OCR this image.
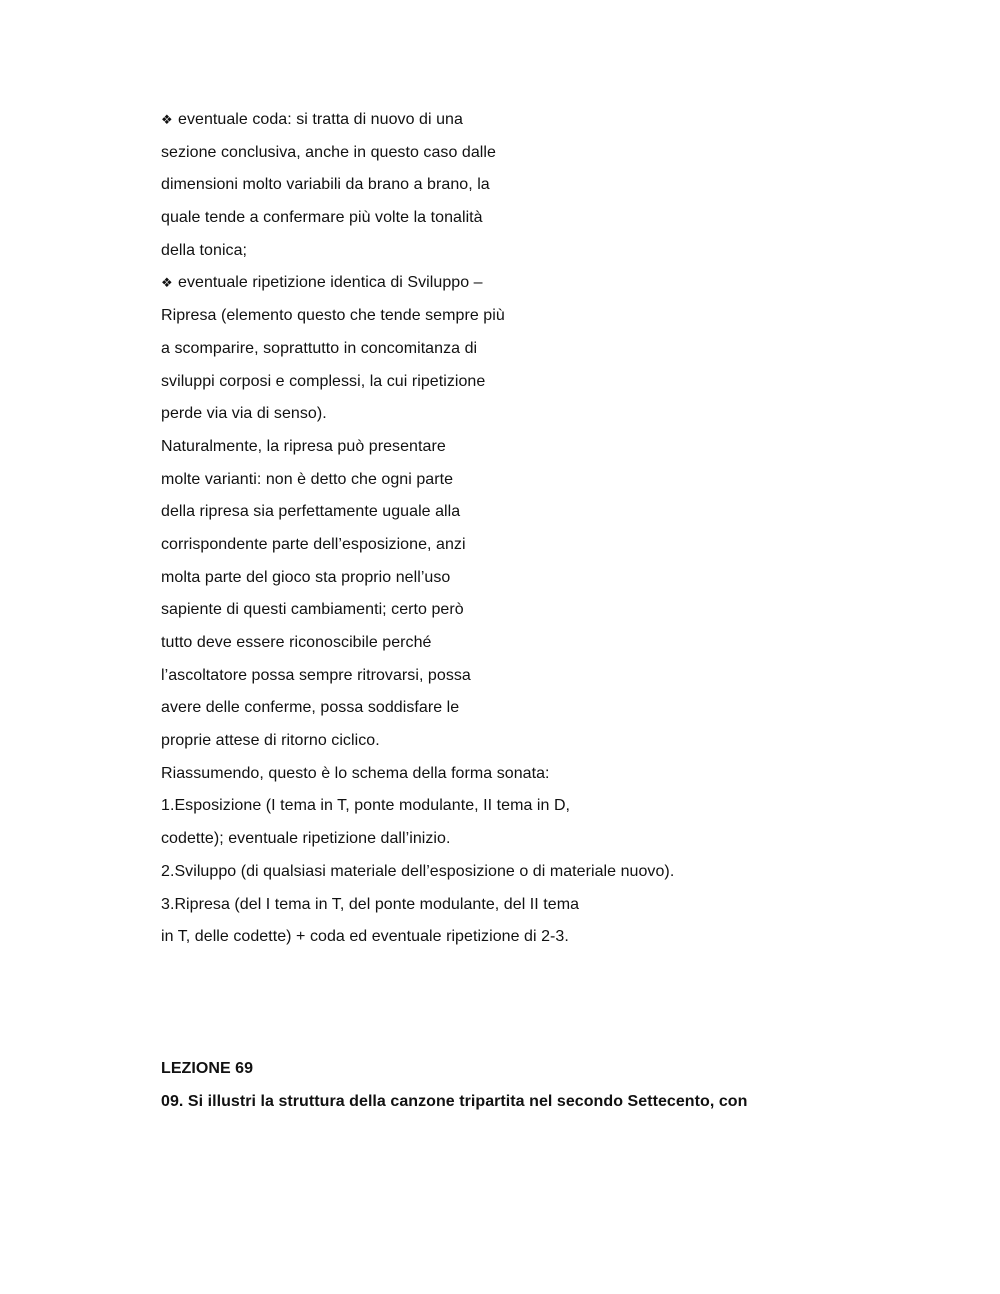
❖ eventuale coda: si tratta di nuovo di una
sezione conclusiva, anche in questo caso dalle
dimensioni molto variabili da brano a brano, la
quale tende a confermare più volte la tonalità
della tonica;
❖ eventuale ripetizione identica di Sviluppo –
Ripresa (elemento questo che tende sempre più
a scomparire, soprattutto in concomitanza di
sviluppi corposi e complessi, la cui ripetizione
perde via via di senso).
Naturalmente, la ripresa può presentare
molte varianti: non è detto che ogni parte
della ripresa sia perfettamente uguale alla
corrispondente parte dell’esposizione, anzi
molta parte del gioco sta proprio nell’uso
sapiente di questi cambiamenti; certo però
tutto deve essere riconoscibile perché
l’ascoltatore possa sempre ritrovarsi, possa
avere delle conferme, possa soddisfare le
proprie attese di ritorno ciclico.
Riassumendo, questo è lo schema della forma sonata:
1.Esposizione (I tema in T, ponte modulante, II tema in D,
codette); eventuale ripetizione dall’inizio.
2.Sviluppo (di qualsiasi materiale dell’esposizione o di materiale nuovo).
3.Ripresa (del I tema in T, del ponte modulante, del II tema
in T, delle codette) + coda ed eventuale ripetizione di 2-3.
LEZIONE 69
09. Si illustri la struttura della canzone tripartita nel secondo Settecento, con
